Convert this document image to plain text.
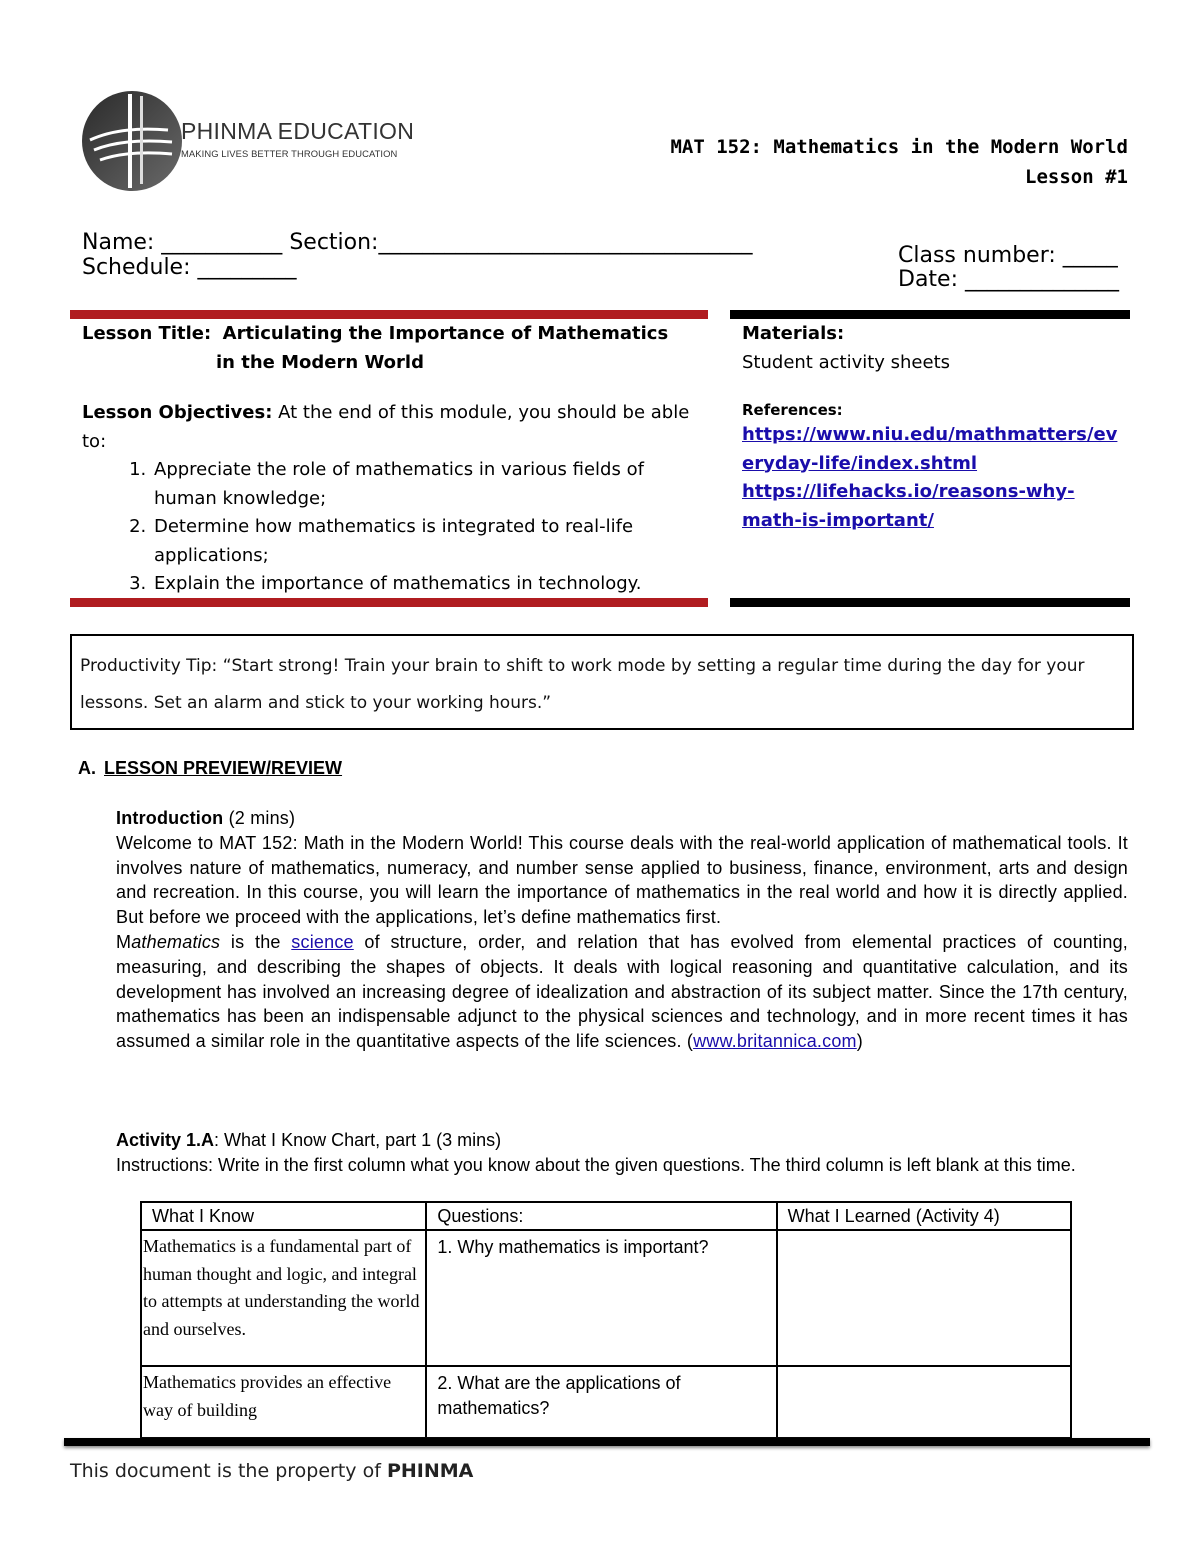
PHINMA EDUCATION
MAKING LIVES BETTER THROUGH EDUCATION	MAT 152: Mathematics in the Modern World
Lesson #1
Name: ___________ Section:__________________________________
Schedule: _________	Class number: _____
Date: ______________
Lesson Title: Articulating the Importance of Mathematics
in the Modern World
Lesson Objectives: At the end of this module, you should be able to:
1. Appreciate the role of mathematics in various fields of human knowledge;
2. Determine how mathematics is integrated to real-life applications;
3. Explain the importance of mathematics in technology.
Materials:
Student activity sheets
References:
https://www.niu.edu/mathmatters/ev
eryday-life/index.shtml
https://lifehacks.io/reasons-why-
math-is-important/
Productivity Tip: “Start strong! Train your brain to shift to work mode by setting a regular time during the day for your lessons. Set an alarm and stick to your working hours.”
A. LESSON PREVIEW/REVIEW

Introduction (2 mins)

Welcome to MAT 152: Math in the Modern World! This course deals with the real-world application of mathematical tools. It involves nature of mathematics, numeracy, and number sense applied to business, finance, environment, arts and design and recreation. In this course, you will learn the importance of mathematics in the real world and how it is directly applied. But before we proceed with the applications, let’s define mathematics first.

Mathematics is the science of structure, order, and relation that has evolved from elemental practices of counting, measuring, and describing the shapes of objects. It deals with logical reasoning and quantitative calculation, and its development has involved an increasing degree of idealization and abstraction of its subject matter. Since the 17th century, mathematics has been an indispensable adjunct to the physical sciences and technology, and in more recent times it has assumed a similar role in the quantitative aspects of the life sciences. (www.britannica.com)

Activity 1.A: What I Know Chart, part 1 (3 mins)
Instructions: Write in the first column what you know about the given questions. The third column is left blank at this time.
What I Know	Questions:	What I Learned (Activity 4)
Mathematics is a fundamental part of human thought and logic, and integral to attempts at understanding the world and ourselves.	1. Why mathematics is important?	
Mathematics provides an effective way of building	2. What are the applications of mathematics?	
This document is the property of PHINMA
